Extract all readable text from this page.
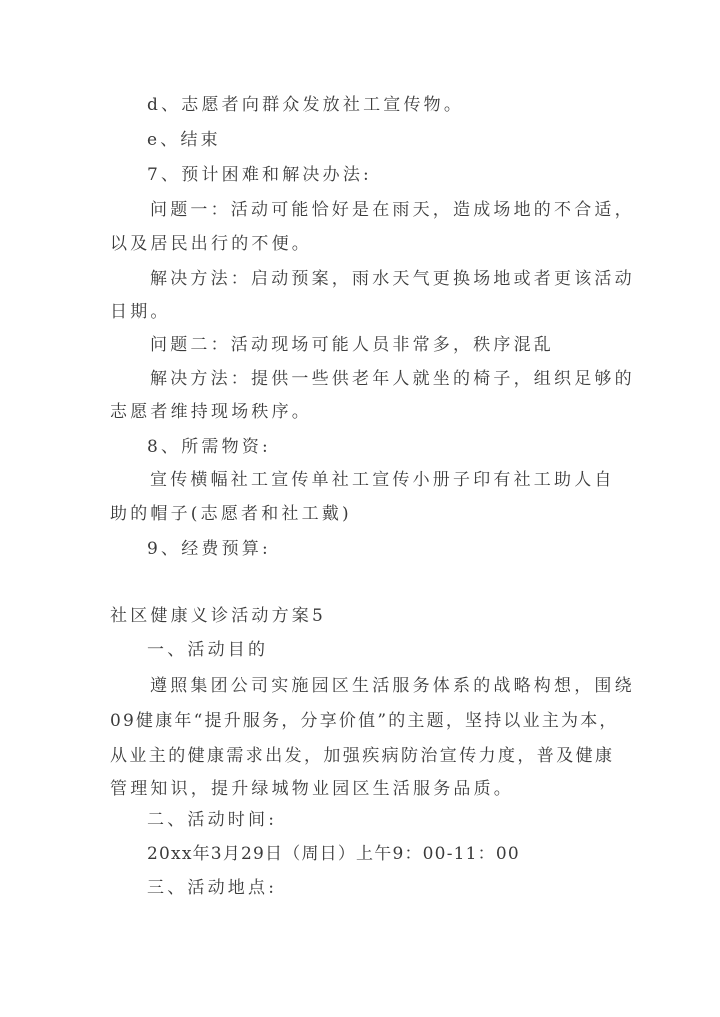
d、志愿者向群众发放社工宣传物。
e、结束
7、预计困难和解决办法:
问题一：活动可能恰好是在雨天，造成场地的不合适，
以及居民出行的不便。
解决方法：启动预案，雨水天气更换场地或者更该活动
日期。
问题二：活动现场可能人员非常多，秩序混乱
解决方法：提供一些供老年人就坐的椅子，组织足够的
志愿者维持现场秩序。
8、所需物资:
宣传横幅社工宣传单社工宣传小册子印有社工助人自
助的帽子(志愿者和社工戴)
9、经费预算:
社区健康义诊活动方案5
一、活动目的
遵照集团公司实施园区生活服务体系的战略构想，围绕
09健康年“提升服务，分享价值”的主题，坚持以业主为本，
从业主的健康需求出发，加强疾病防治宣传力度，普及健康
管理知识，提升绿城物业园区生活服务品质。
二、活动时间:
20xx年3月29日（周日）上午9：00-11：00
三、活动地点:
